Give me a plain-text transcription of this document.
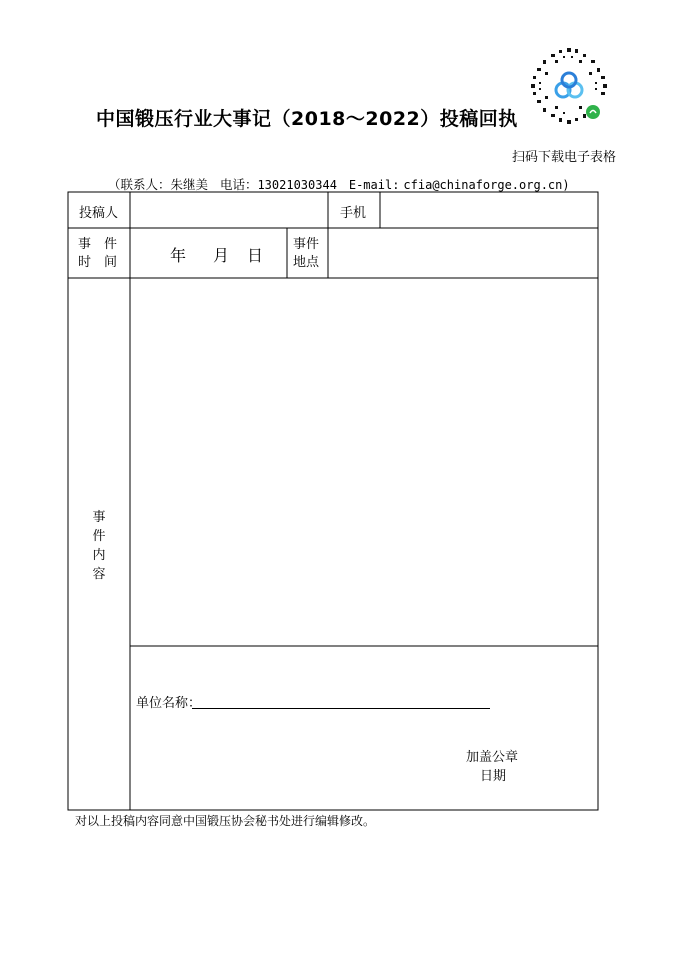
中国锻压行业大事记（2018～2022）投稿回执
扫码下载电子表格
（联系人：朱继美 电话：13021030344 E-mail: cfia@chinaforge.org.cn)
投稿人	手机
事　件
时　间	年 月 日
事件
地点
事
件
内
容
单位名称：
加盖公章
日期
对以上投稿内容同意中国锻压协会秘书处进行编辑修改。
